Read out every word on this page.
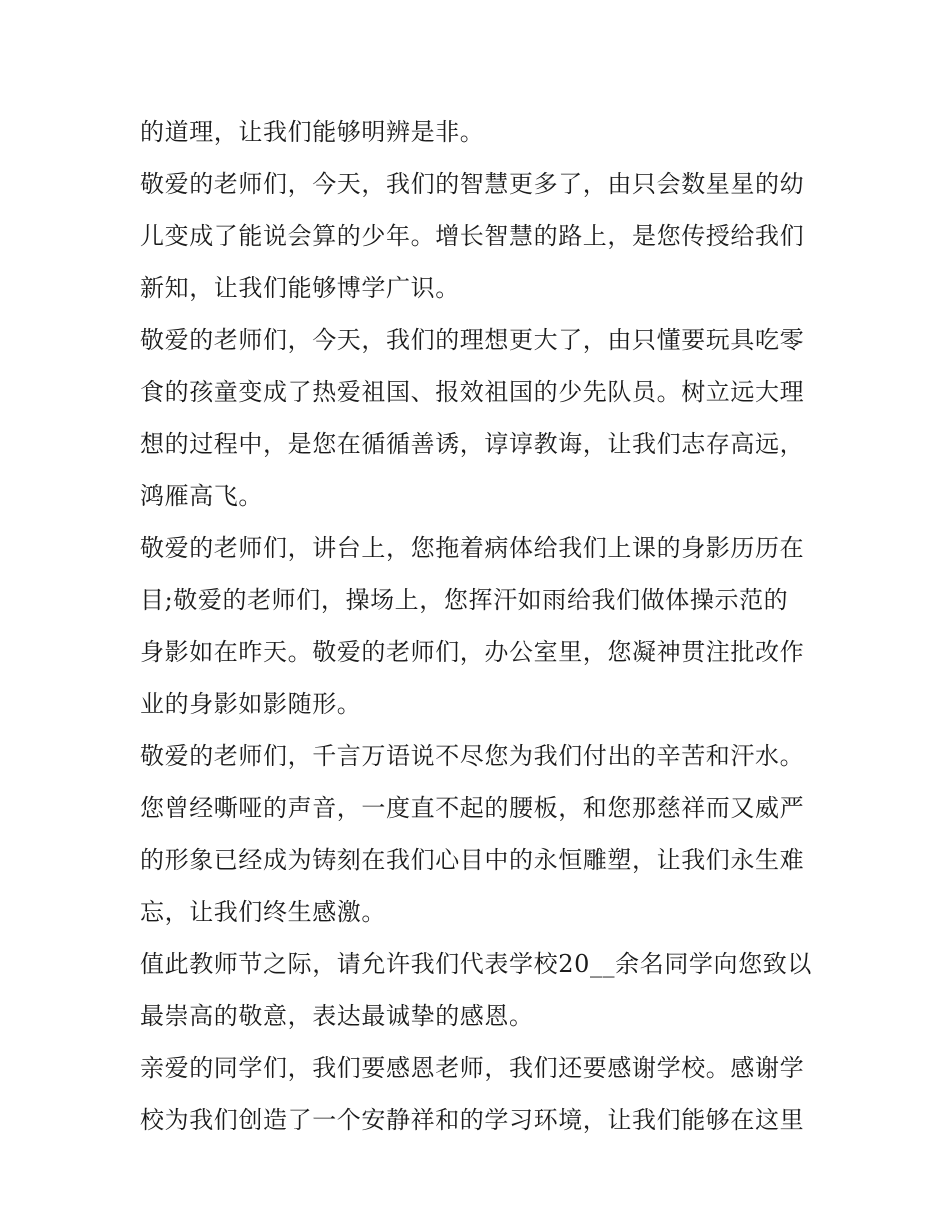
的道理，让我们能够明辨是非。
敬爱的老师们，今天，我们的智慧更多了，由只会数星星的幼
儿变成了能说会算的少年。增长智慧的路上，是您传授给我们
新知，让我们能够博学广识。
敬爱的老师们，今天，我们的理想更大了，由只懂要玩具吃零
食的孩童变成了热爱祖国、报效祖国的少先队员。树立远大理
想的过程中，是您在循循善诱，谆谆教诲，让我们志存高远，
鸿雁高飞。
敬爱的老师们，讲台上，您拖着病体给我们上课的身影历历在
目;敬爱的老师们，操场上，您挥汗如雨给我们做体操示范的
身影如在昨天。敬爱的老师们，办公室里，您凝神贯注批改作
业的身影如影随形。
敬爱的老师们，千言万语说不尽您为我们付出的辛苦和汗水。
您曾经嘶哑的声音，一度直不起的腰板，和您那慈祥而又威严
的形象已经成为铸刻在我们心目中的永恒雕塑，让我们永生难
忘，让我们终生感激。
值此教师节之际，请允许我们代表学校20__余名同学向您致以
最崇高的敬意，表达最诚挚的感恩。
亲爱的同学们，我们要感恩老师，我们还要感谢学校。感谢学
校为我们创造了一个安静祥和的学习环境，让我们能够在这里
